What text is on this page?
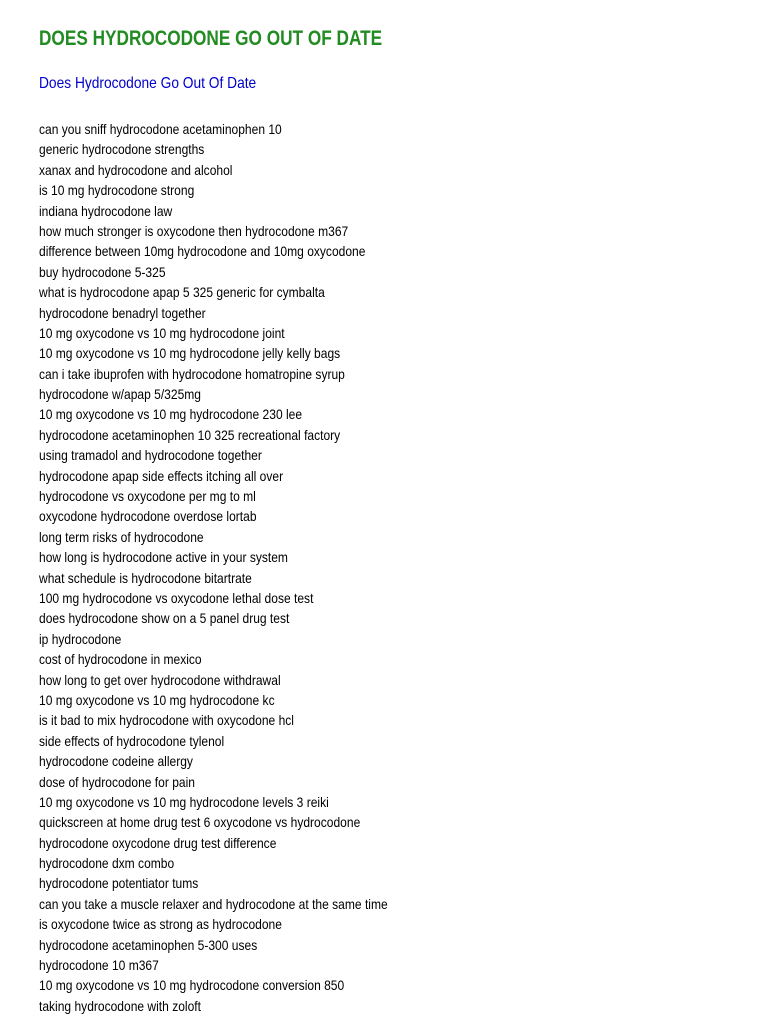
DOES HYDROCODONE GO OUT OF DATE
Does Hydrocodone Go Out Of Date
can you sniff hydrocodone acetaminophen 10
generic hydrocodone strengths
xanax and hydrocodone and alcohol
is 10 mg hydrocodone strong
indiana hydrocodone law
how much stronger is oxycodone then hydrocodone m367
difference between 10mg hydrocodone and 10mg oxycodone
buy hydrocodone 5-325
what is hydrocodone apap 5 325 generic for cymbalta
hydrocodone benadryl together
10 mg oxycodone vs 10 mg hydrocodone joint
10 mg oxycodone vs 10 mg hydrocodone jelly kelly bags
can i take ibuprofen with hydrocodone homatropine syrup
hydrocodone w/apap 5/325mg
10 mg oxycodone vs 10 mg hydrocodone 230 lee
hydrocodone acetaminophen 10 325 recreational factory
using tramadol and hydrocodone together
hydrocodone apap side effects itching all over
hydrocodone vs oxycodone per mg to ml
oxycodone hydrocodone overdose lortab
long term risks of hydrocodone
how long is hydrocodone active in your system
what schedule is hydrocodone bitartrate
100 mg hydrocodone vs oxycodone lethal dose test
does hydrocodone show on a 5 panel drug test
ip hydrocodone
cost of hydrocodone in mexico
how long to get over hydrocodone withdrawal
10 mg oxycodone vs 10 mg hydrocodone kc
is it bad to mix hydrocodone with oxycodone hcl
side effects of hydrocodone tylenol
hydrocodone codeine allergy
dose of hydrocodone for pain
10 mg oxycodone vs 10 mg hydrocodone levels 3 reiki
quickscreen at home drug test 6 oxycodone vs hydrocodone
hydrocodone oxycodone drug test difference
hydrocodone dxm combo
hydrocodone potentiator tums
can you take a muscle relaxer and hydrocodone at the same time
is oxycodone twice as strong as hydrocodone
hydrocodone acetaminophen 5-300 uses
hydrocodone 10 m367
10 mg oxycodone vs 10 mg hydrocodone conversion 850
taking hydrocodone with zoloft
